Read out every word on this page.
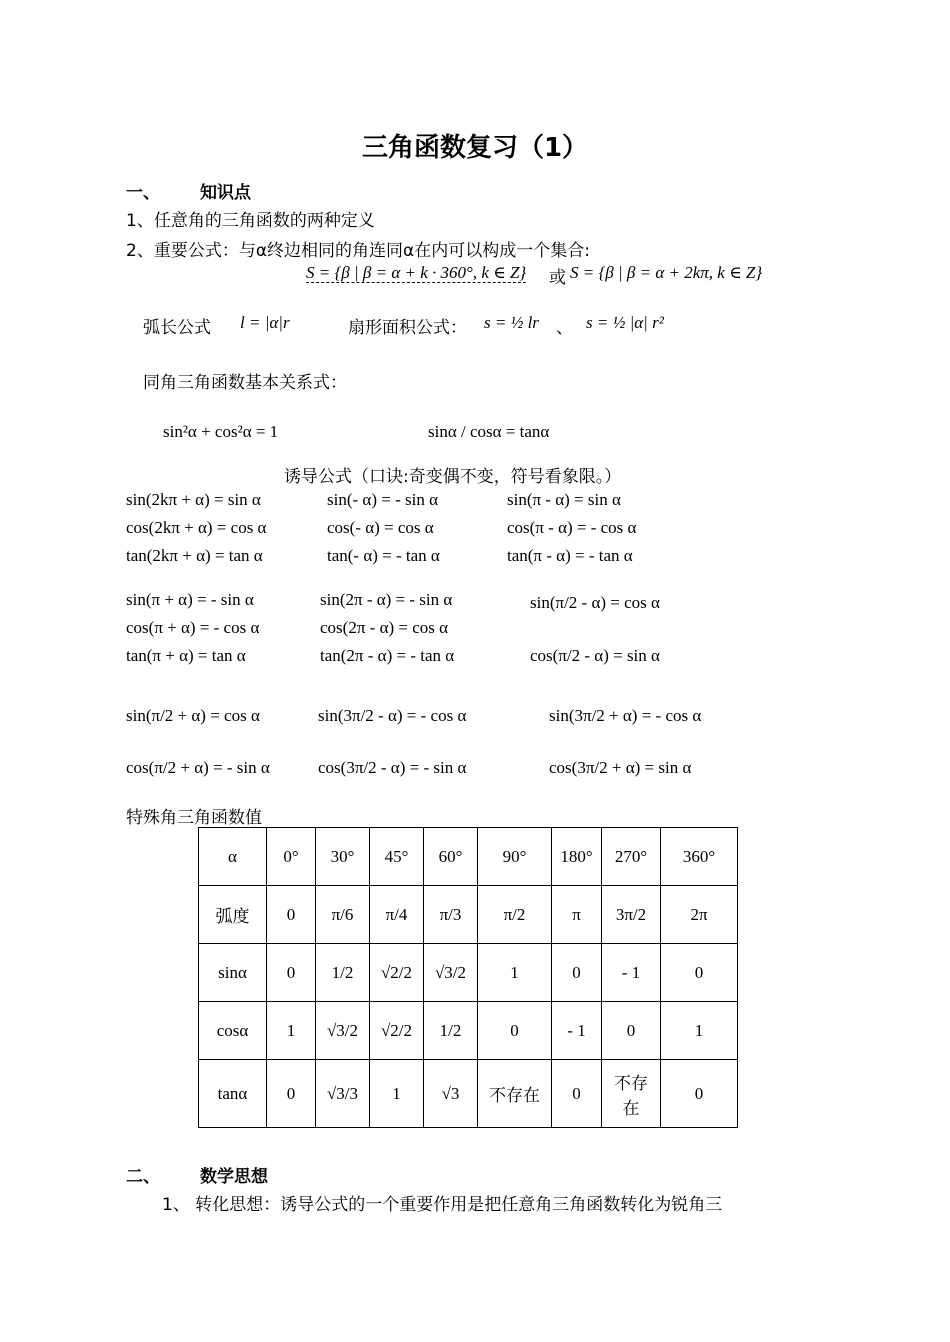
三角函数复习（1）
一、 知识点
1、任意角的三角函数的两种定义
2、重要公式：与α终边相同的角连同α在内可以构成一个集合:
S = {β | β = α + k · 360°, k ∈ Z} 或 S = {β | β = α + 2kπ, k ∈ Z}
弧长公式 l = |α|r	扇形面积公式： s = ½ lr 、 s = ½ |α| r²
同角三角函数基本关系式：
sin²α + cos²α = 1	sinα / cosα = tanα
诱导公式（口诀:奇变偶不变，符号看象限。）
sin(2kπ + α) = sin α	sin(- α) = - sin α	sin(π - α) = sin α
cos(2kπ + α) = cos α	cos(- α) = cos α	cos(π - α) = - cos α
tan(2kπ + α) = tan α	tan(- α) = - tan α	tan(π - α) = - tan α
sin(π + α) = - sin α	sin(2π - α) = - sin α
cos(π + α) = - cos α	cos(2π - α) = cos α
tan(π + α) = tan α	tan(2π - α) = - tan α
sin(π/2 - α) = cos α
cos(π/2 - α) = sin α
sin(π/2 + α) = cos α	sin(3π/2 - α) = - cos α	sin(3π/2 + α) = - cos α
cos(π/2 + α) = - sin α	cos(3π/2 - α) = - sin α	cos(3π/2 + α) = sin α
特殊角三角函数值
α	0°	30°	45°	60°	90°	180°	270°	360°
弧度	0	π/6	π/4	π/3	π/2	π	3π/2	2π
sinα	0	1/2	√2/2	√3/2	1	0	- 1	0
cosα	1	√3/2	√2/2	1/2	0	- 1	0	1
tanα	0	√3/3	1	√3	不存在	0	不存在	0
二、 数学思想
1、 转化思想：诱导公式的一个重要作用是把任意角三角函数转化为锐角三
